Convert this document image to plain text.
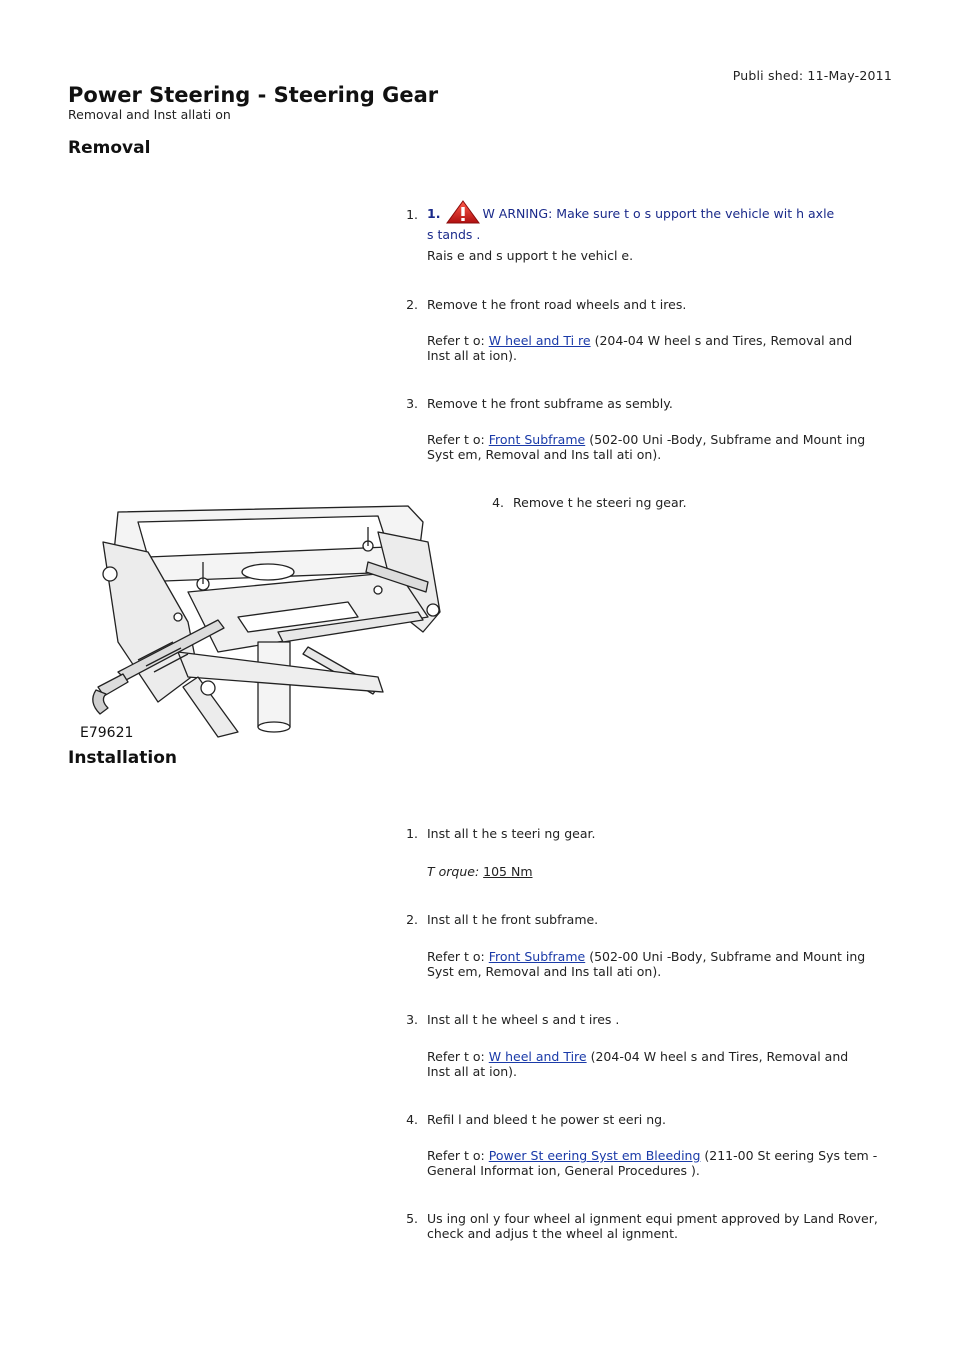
Publi shed: 11-May-2011
Power Steering - Steering Gear
Removal and Inst allati on
Removal
1. 1.	W ARNING: Make sure t o s upport the vehicle wit h axle
s tands .
Rais e and s upport t he vehicl e.
2. Remove t he front road wheels and t ires.
Refer t o: W heel and Ti re (204-04 W heel s and Tires, Removal and
Inst all at ion).
3. Remove t he front subframe as sembly.
Refer t o: Front Subframe (502-00 Uni -Body, Subframe and Mount ing
Syst em, Removal and Ins tall ati on).
4. Remove t he steeri ng gear.
E79621
Installation
1. Inst all t he s teeri ng gear.
T orque: 105 Nm
2. Inst all t he front subframe.
Refer t o: Front Subframe (502-00 Uni -Body, Subframe and Mount ing
Syst em, Removal and Ins tall ati on).
3. Inst all t he wheel s and t ires .
Refer t o: W heel and Tire (204-04 W heel s and Tires, Removal and
Inst all at ion).
4. Refil l and bleed t he power st eeri ng.
Refer t o: Power St eering Syst em Bleeding (211-00 St eering Sys tem -
General Informat ion, General Procedures ).
5. Us ing onl y four wheel al ignment equi pment approved by Land Rover,
check and adjus t the wheel al ignment.
